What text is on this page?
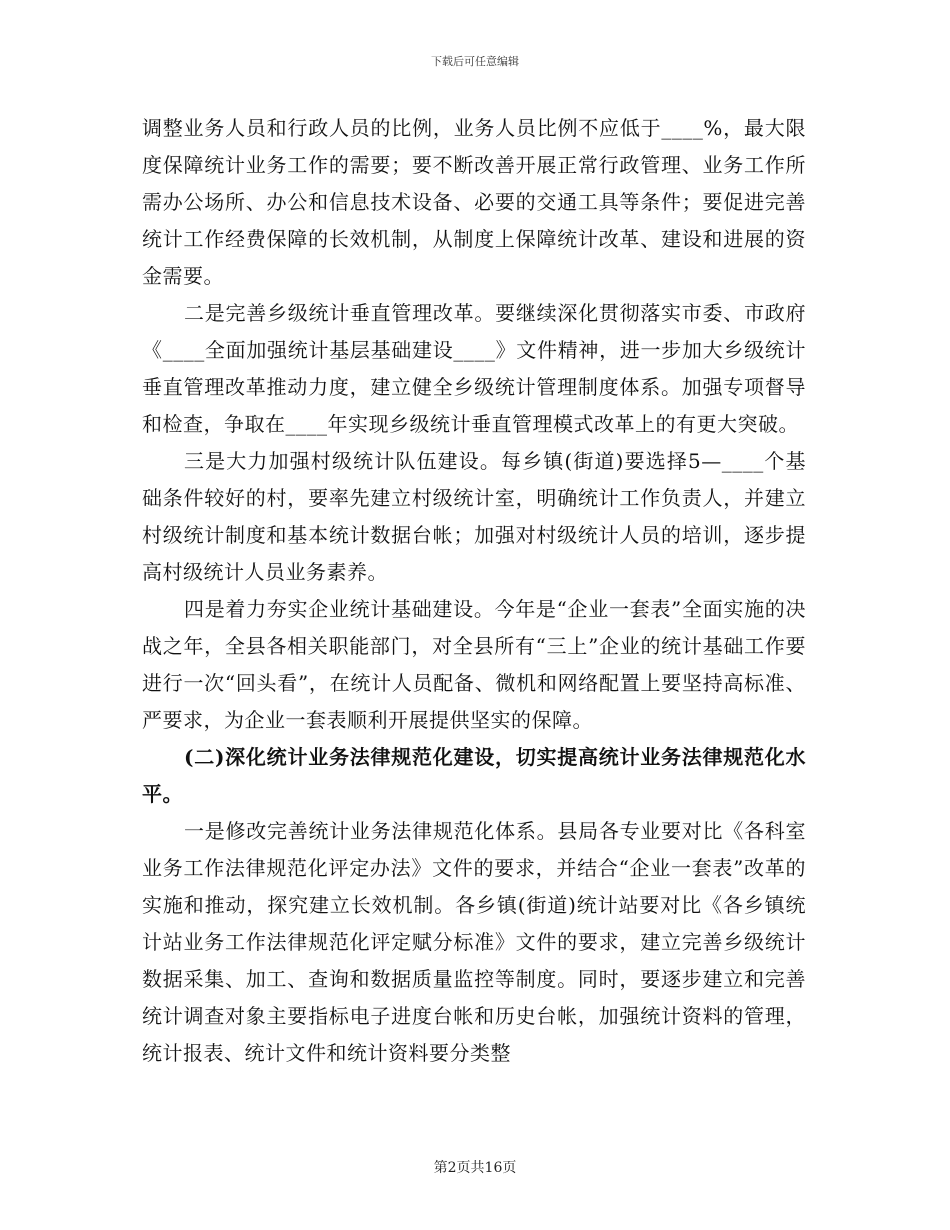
下载后可任意编辑

调整业务人员和行政人员的比例，业务人员比例不应低于____%，最大限度保障统计业务工作的需要；要不断改善开展正常行政管理、业务工作所需办公场所、办公和信息技术设备、必要的交通工具等条件；要促进完善统计工作经费保障的长效机制，从制度上保障统计改革、建设和进展的资金需要。

二是完善乡级统计垂直管理改革。要继续深化贯彻落实市委、市政府《____全面加强统计基层基础建设____》文件精神，进一步加大乡级统计垂直管理改革推动力度，建立健全乡级统计管理制度体系。加强专项督导和检查，争取在____年实现乡级统计垂直管理模式改革上的有更大突破。

三是大力加强村级统计队伍建设。每乡镇(街道)要选择5—____个基础条件较好的村，要率先建立村级统计室，明确统计工作负责人，并建立村级统计制度和基本统计数据台帐；加强对村级统计人员的培训，逐步提高村级统计人员业务素养。

四是着力夯实企业统计基础建设。今年是“企业一套表”全面实施的决战之年，全县各相关职能部门，对全县所有“三上”企业的统计基础工作要进行一次“回头看”，在统计人员配备、微机和网络配置上要坚持高标准、严要求，为企业一套表顺利开展提供坚实的保障。

(二)深化统计业务法律规范化建设，切实提高统计业务法律规范化水平。

一是修改完善统计业务法律规范化体系。县局各专业要对比《各科室业务工作法律规范化评定办法》文件的要求，并结合“企业一套表”改革的实施和推动，探究建立长效机制。各乡镇(街道)统计站要对比《各乡镇统计站业务工作法律规范化评定赋分标准》文件的要求，建立完善乡级统计数据采集、加工、查询和数据质量监控等制度。同时，要逐步建立和完善统计调查对象主要指标电子进度台帐和历史台帐，加强统计资料的管理，统计报表、统计文件和统计资料要分类整

第2页共16页
